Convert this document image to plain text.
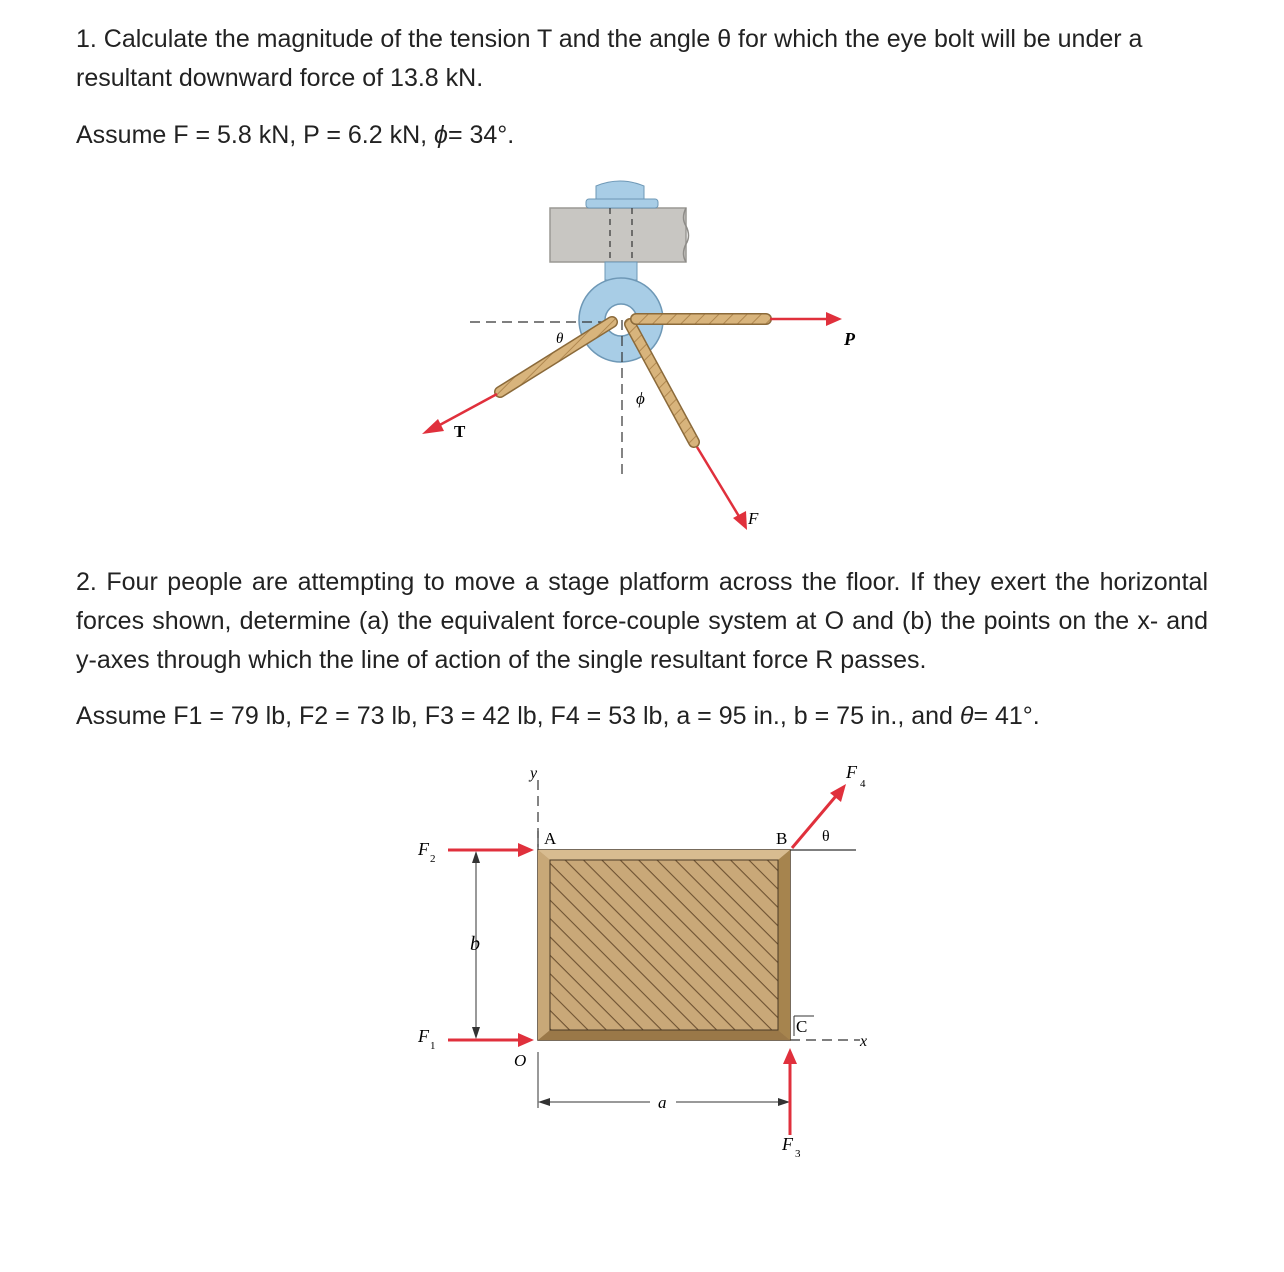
1. Calculate the magnitude of the tension T and the angle θ for which the eye bolt will be under a resultant downward force of 13.8 kN.

Assume F = 5.8 kN, P = 6.2 kN, ϕ= 34°.

T
P
F
θ
ϕ

2. Four people are attempting to move a stage platform across the floor. If they exert the horizontal forces shown, determine (a) the equivalent force-couple system at O and (b) the points on the x- and y-axes through which the line of action of the single resultant force R passes.

Assume F1 = 79 lb, F2 = 73 lb, F3 = 42 lb, F4 = 53 lb, a = 95 in., b = 75 in., and θ= 41°.

y
x
A	B
C
O
a
b
θ
F 2
F 1
F 3
F
4
